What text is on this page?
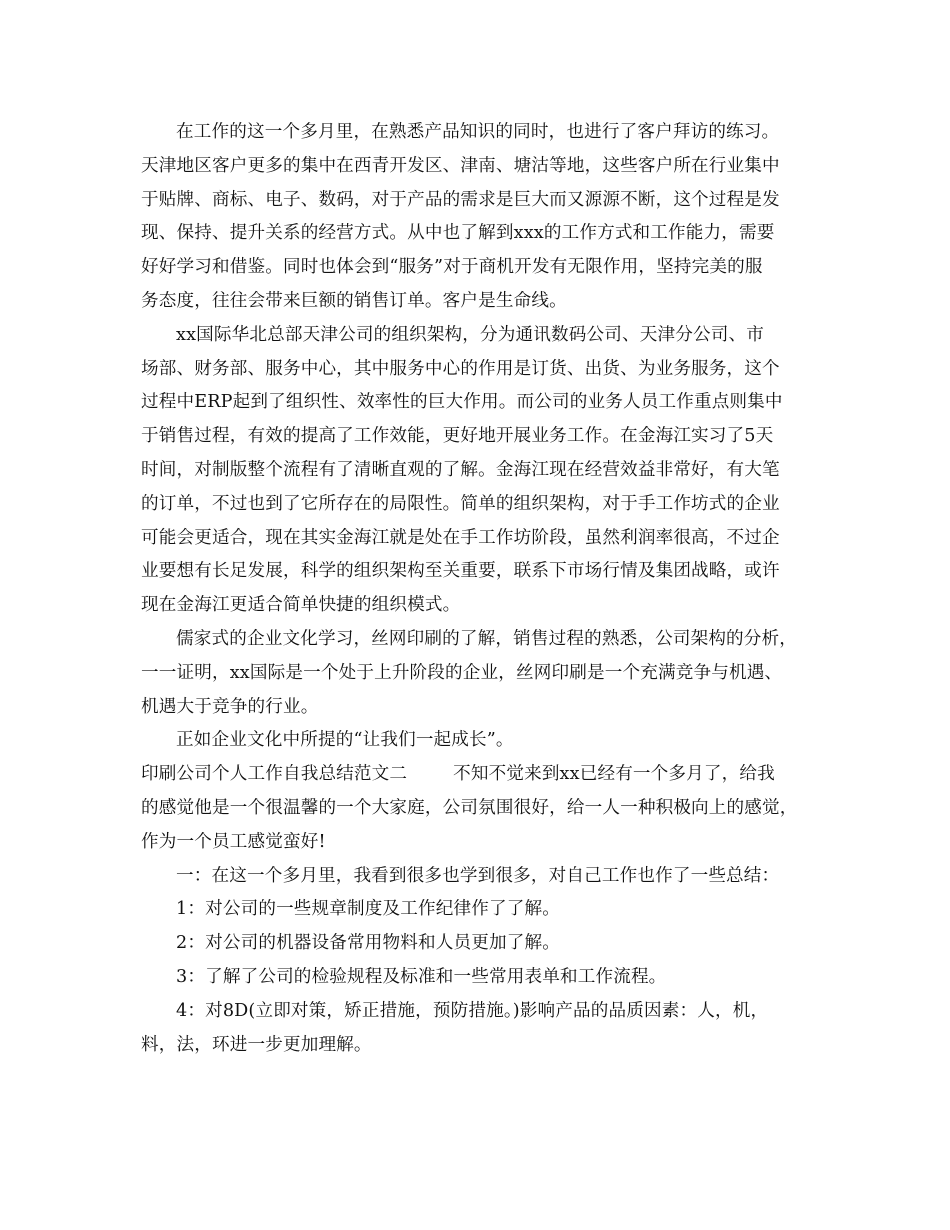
在工作的这一个多月里，在熟悉产品知识的同时，也进行了客户拜访的练习。
天津地区客户更多的集中在西青开发区、津南、塘沽等地，这些客户所在行业集中
于贴牌、商标、电子、数码，对于产品的需求是巨大而又源源不断，这个过程是发
现、保持、提升关系的经营方式。从中也了解到xxx的工作方式和工作能力，需要
好好学习和借鉴。同时也体会到“服务”对于商机开发有无限作用，坚持完美的服
务态度，往往会带来巨额的销售订单。客户是生命线。
xx国际华北总部天津公司的组织架构，分为通讯数码公司、天津分公司、市
场部、财务部、服务中心，其中服务中心的作用是订货、出货、为业务服务，这个
过程中ERP起到了组织性、效率性的巨大作用。而公司的业务人员工作重点则集中
于销售过程，有效的提高了工作效能，更好地开展业务工作。在金海江实习了5天
时间，对制版整个流程有了清晰直观的了解。金海江现在经营效益非常好，有大笔
的订单，不过也到了它所存在的局限性。简单的组织架构，对于手工作坊式的企业
可能会更适合，现在其实金海江就是处在手工作坊阶段，虽然利润率很高，不过企
业要想有长足发展，科学的组织架构至关重要，联系下市场行情及集团战略，或许
现在金海江更适合简单快捷的组织模式。
儒家式的企业文化学习，丝网印刷的了解，销售过程的熟悉，公司架构的分析，
一一证明，xx国际是一个处于上升阶段的企业，丝网印刷是一个充满竞争与机遇、
机遇大于竞争的行业。
正如企业文化中所提的“让我们一起成长”。
印刷公司个人工作自我总结范文二        不知不觉来到xx已经有一个多月了，给我
的感觉他是一个很温馨的一个大家庭，公司氛围很好，给一人一种积极向上的感觉，
作为一个员工感觉蛮好!
一：在这一个多月里，我看到很多也学到很多，对自己工作也作了一些总结：
1：对公司的一些规章制度及工作纪律作了了解。
2：对公司的机器设备常用物料和人员更加了解。
3：了解了公司的检验规程及标准和一些常用表单和工作流程。
4：对8D(立即对策，矫正措施，预防措施。)影响产品的品质因素：人，机，
料，法，环进一步更加理解。
